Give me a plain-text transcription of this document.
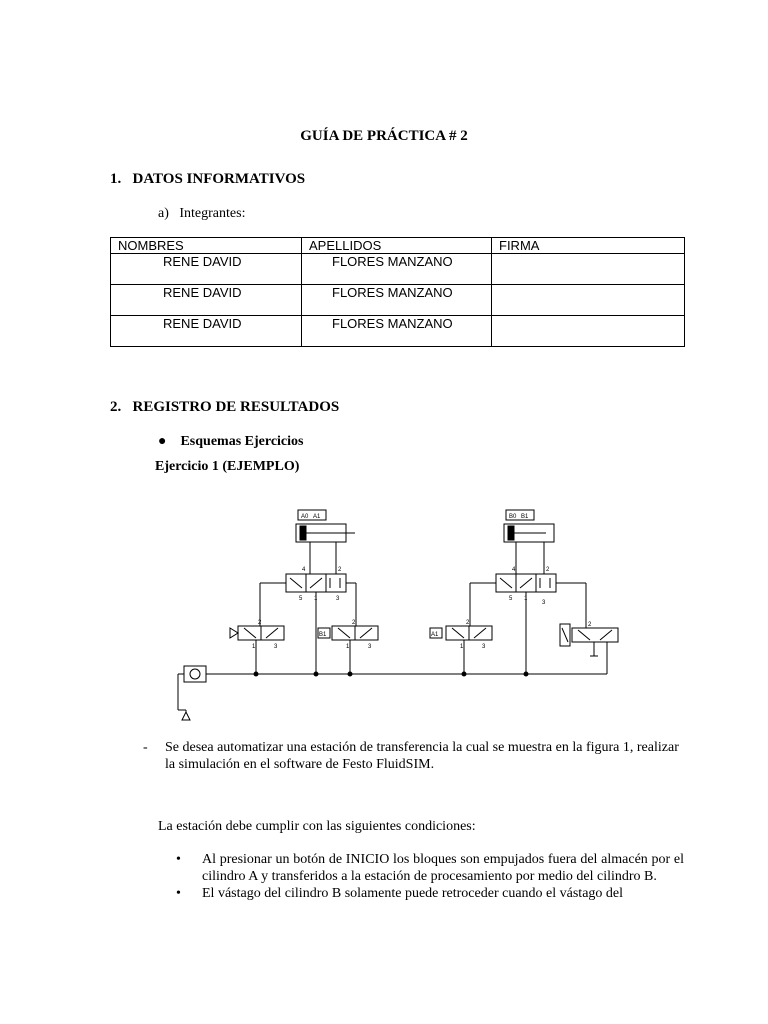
GUÍA DE PRÁCTICA # 2
1.   DATOS INFORMATIVOS
a)   Integrantes:
NOMBRES	APELLIDOS	FIRMA
RENE DAVID	FLORES MANZANO	
RENE DAVID	FLORES MANZANO	
RENE DAVID	FLORES MANZANO	
2.   REGISTRO DE RESULTADOS
● Esquemas Ejercicios
Ejercicio 1 (EJEMPLO)
A0 A1
4	2
5 1	3
2
1	3
B1
2
1	3
B0 B1
4	2
5 1
3
A1
2
1	3
2
- Se desea automatizar una estación de transferencia la cual se muestra en la figura 1, realizar la simulación en el software de Festo FluidSIM.
La estación debe cumplir con las siguientes condiciones:
• Al presionar un botón de INICIO los bloques son empujados fuera del almacén por el cilindro A y transferidos a la estación de procesamiento por medio del cilindro B.
• El vástago del cilindro B solamente puede retroceder cuando el vástago del
